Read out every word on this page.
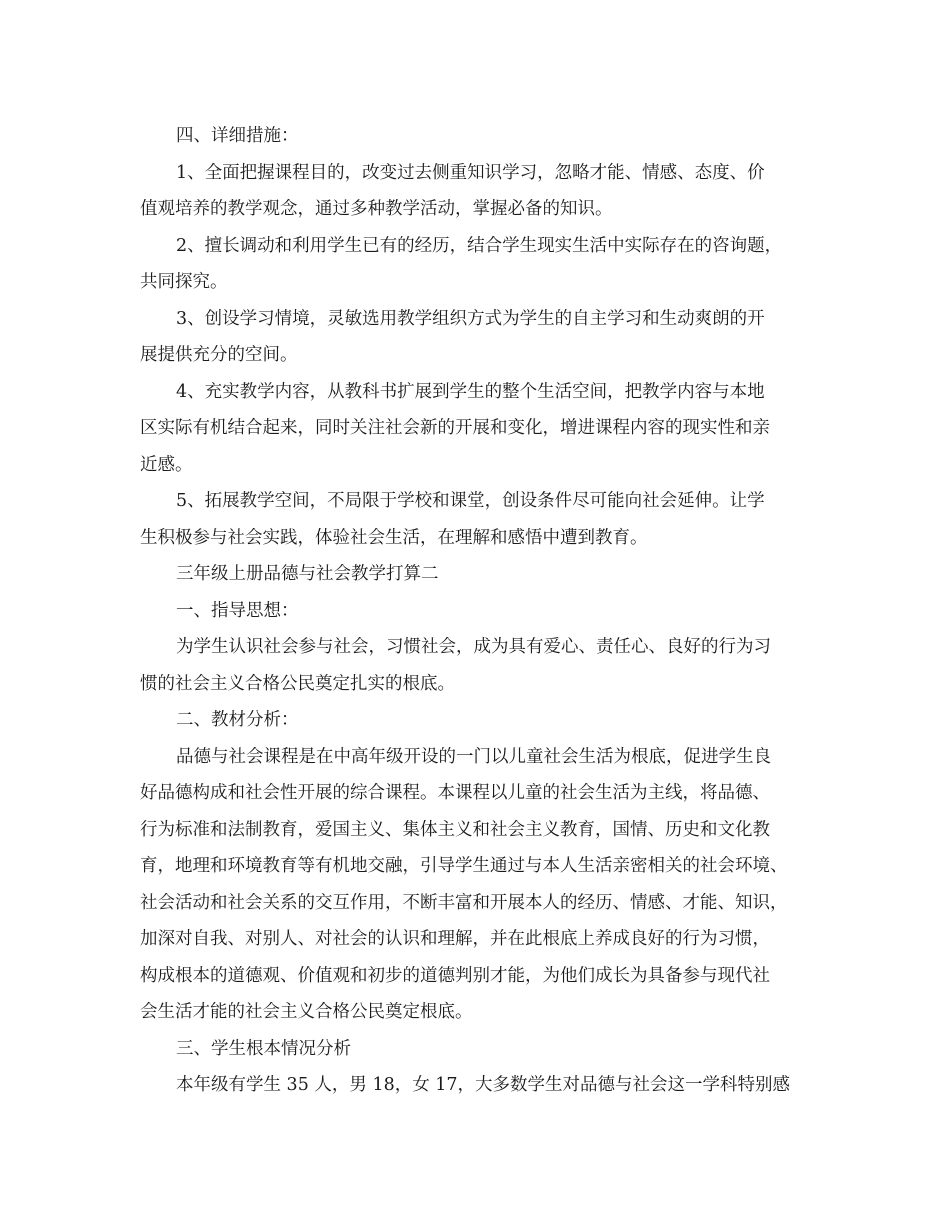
四、详细措施：
1、全面把握课程目的，改变过去侧重知识学习，忽略才能、情感、态度、价
值观培养的教学观念，通过多种教学活动，掌握必备的知识。
2、擅长调动和利用学生已有的经历，结合学生现实生活中实际存在的咨询题，
共同探究。
3、创设学习情境，灵敏选用教学组织方式为学生的自主学习和生动爽朗的开
展提供充分的空间。
4、充实教学内容，从教科书扩展到学生的整个生活空间，把教学内容与本地
区实际有机结合起来，同时关注社会新的开展和变化，增进课程内容的现实性和亲
近感。
5、拓展教学空间，不局限于学校和课堂，创设条件尽可能向社会延伸。让学
生积极参与社会实践，体验社会生活，在理解和感悟中遭到教育。
三年级上册品德与社会教学打算二
一、指导思想：
为学生认识社会参与社会，习惯社会，成为具有爱心、责任心、良好的行为习
惯的社会主义合格公民奠定扎实的根底。
二、教材分析：
品德与社会课程是在中高年级开设的一门以儿童社会生活为根底，促进学生良
好品德构成和社会性开展的综合课程。本课程以儿童的社会生活为主线，将品德、
行为标准和法制教育，爱国主义、集体主义和社会主义教育，国情、历史和文化教
育，地理和环境教育等有机地交融，引导学生通过与本人生活亲密相关的社会环境、
社会活动和社会关系的交互作用，不断丰富和开展本人的经历、情感、才能、知识，
加深对自我、对别人、对社会的认识和理解，并在此根底上养成良好的行为习惯，
构成根本的道德观、价值观和初步的道德判别才能，为他们成长为具备参与现代社
会生活才能的社会主义合格公民奠定根底。
三、学生根本情况分析
本年级有学生 35 人，男 18，女 17，大多数学生对品德与社会这一学科特别感
